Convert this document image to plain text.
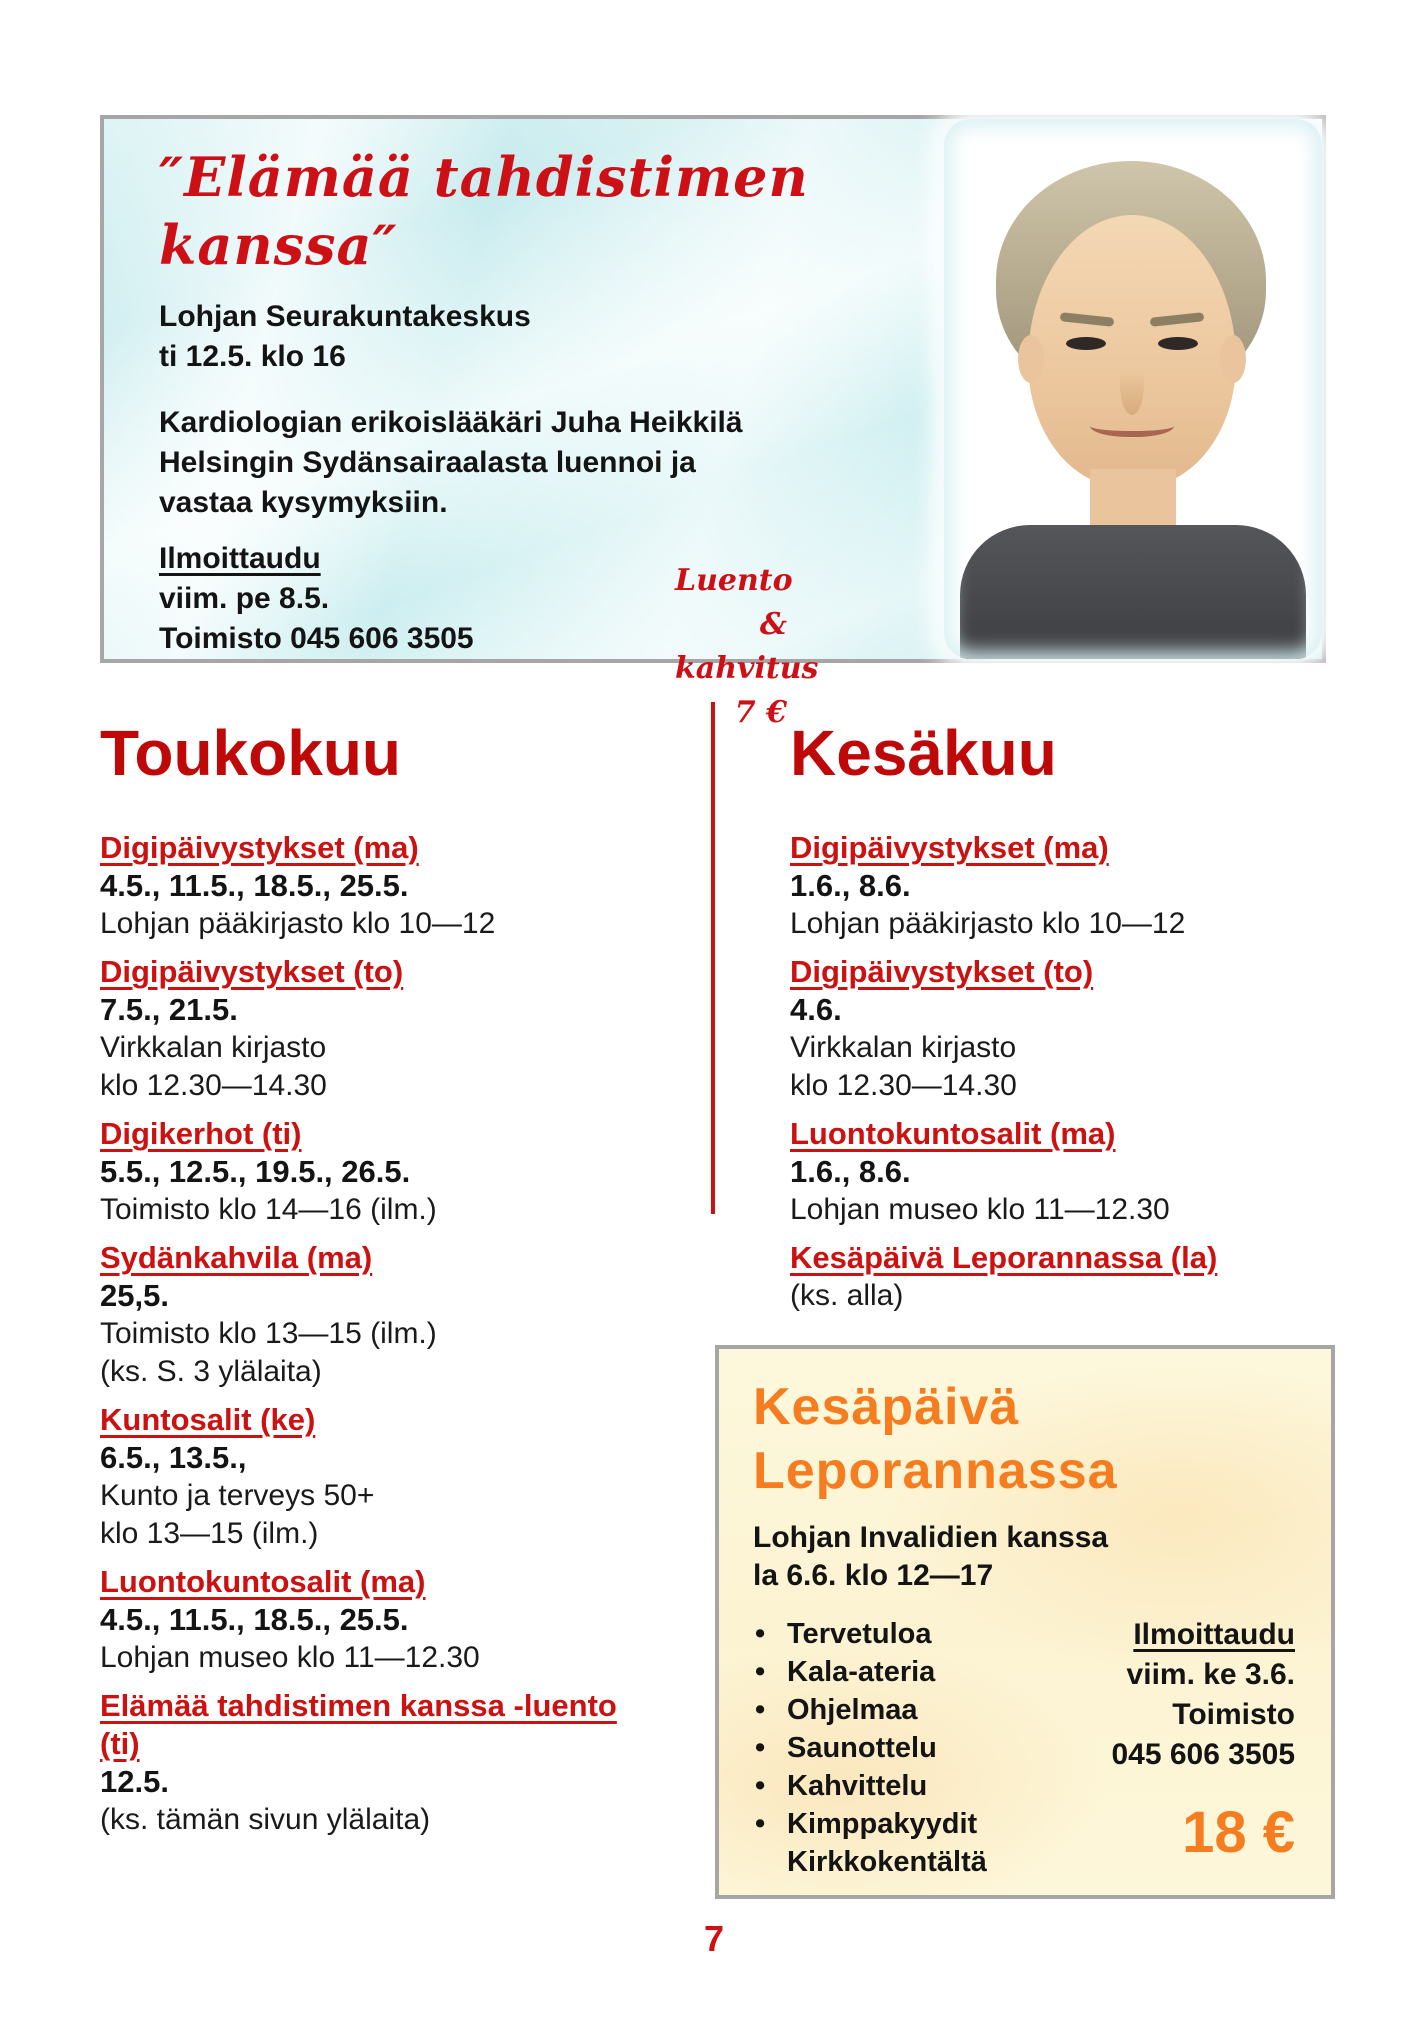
″Elämää tahdistimen
kanssa″

Lohjan Seurakuntakeskus
ti 12.5. klo 16

Kardiologian erikoislääkäri Juha Heikkilä
Helsingin Sydänsairaalasta luennoi ja
vastaa kysymyksiin.

Ilmoittaudu
viim. pe 8.5.
Toimisto 045 606 3505
Luento &
kahvitus
7 €
Toukokuu
Digipäivystykset (ma)
4.5., 11.5., 18.5., 25.5.
Lohjan pääkirjasto klo 10—12
Digipäivystykset (to)
7.5., 21.5.
Virkkalan kirjasto
klo 12.30—14.30
Digikerhot (ti)
5.5., 12.5., 19.5., 26.5.
Toimisto klo 14—16 (ilm.)
Sydänkahvila (ma)
25,5.
Toimisto klo 13—15 (ilm.)
(ks. S. 3 ylälaita)
Kuntosalit (ke)
6.5., 13.5.,
Kunto ja terveys 50+
klo 13—15 (ilm.)
Luontokuntosalit (ma)
4.5., 11.5., 18.5., 25.5.
Lohjan museo klo 11—12.30
Elämää tahdistimen kanssa -luento (ti)
12.5.
(ks. tämän sivun ylälaita)
Kesäkuu
Digipäivystykset (ma)
1.6., 8.6.
Lohjan pääkirjasto klo 10—12
Digipäivystykset (to)
4.6.
Virkkalan kirjasto
klo 12.30—14.30
Luontokuntosalit (ma)
1.6., 8.6.
Lohjan museo klo 11—12.30
Kesäpäivä Leporannassa (la)
(ks. alla)
Kesäpäivä
Leporannassa

Lohjan Invalidien kanssa
la 6.6. klo 12—17

• Tervetuloa
• Kala-ateria
• Ohjelmaa
• Saunottelu
• Kahvittelu
• Kimppakyydit Kirkkokentältä
Ilmoittaudu
viim. ke 3.6.
Toimisto
045 606 3505
18 €
7
